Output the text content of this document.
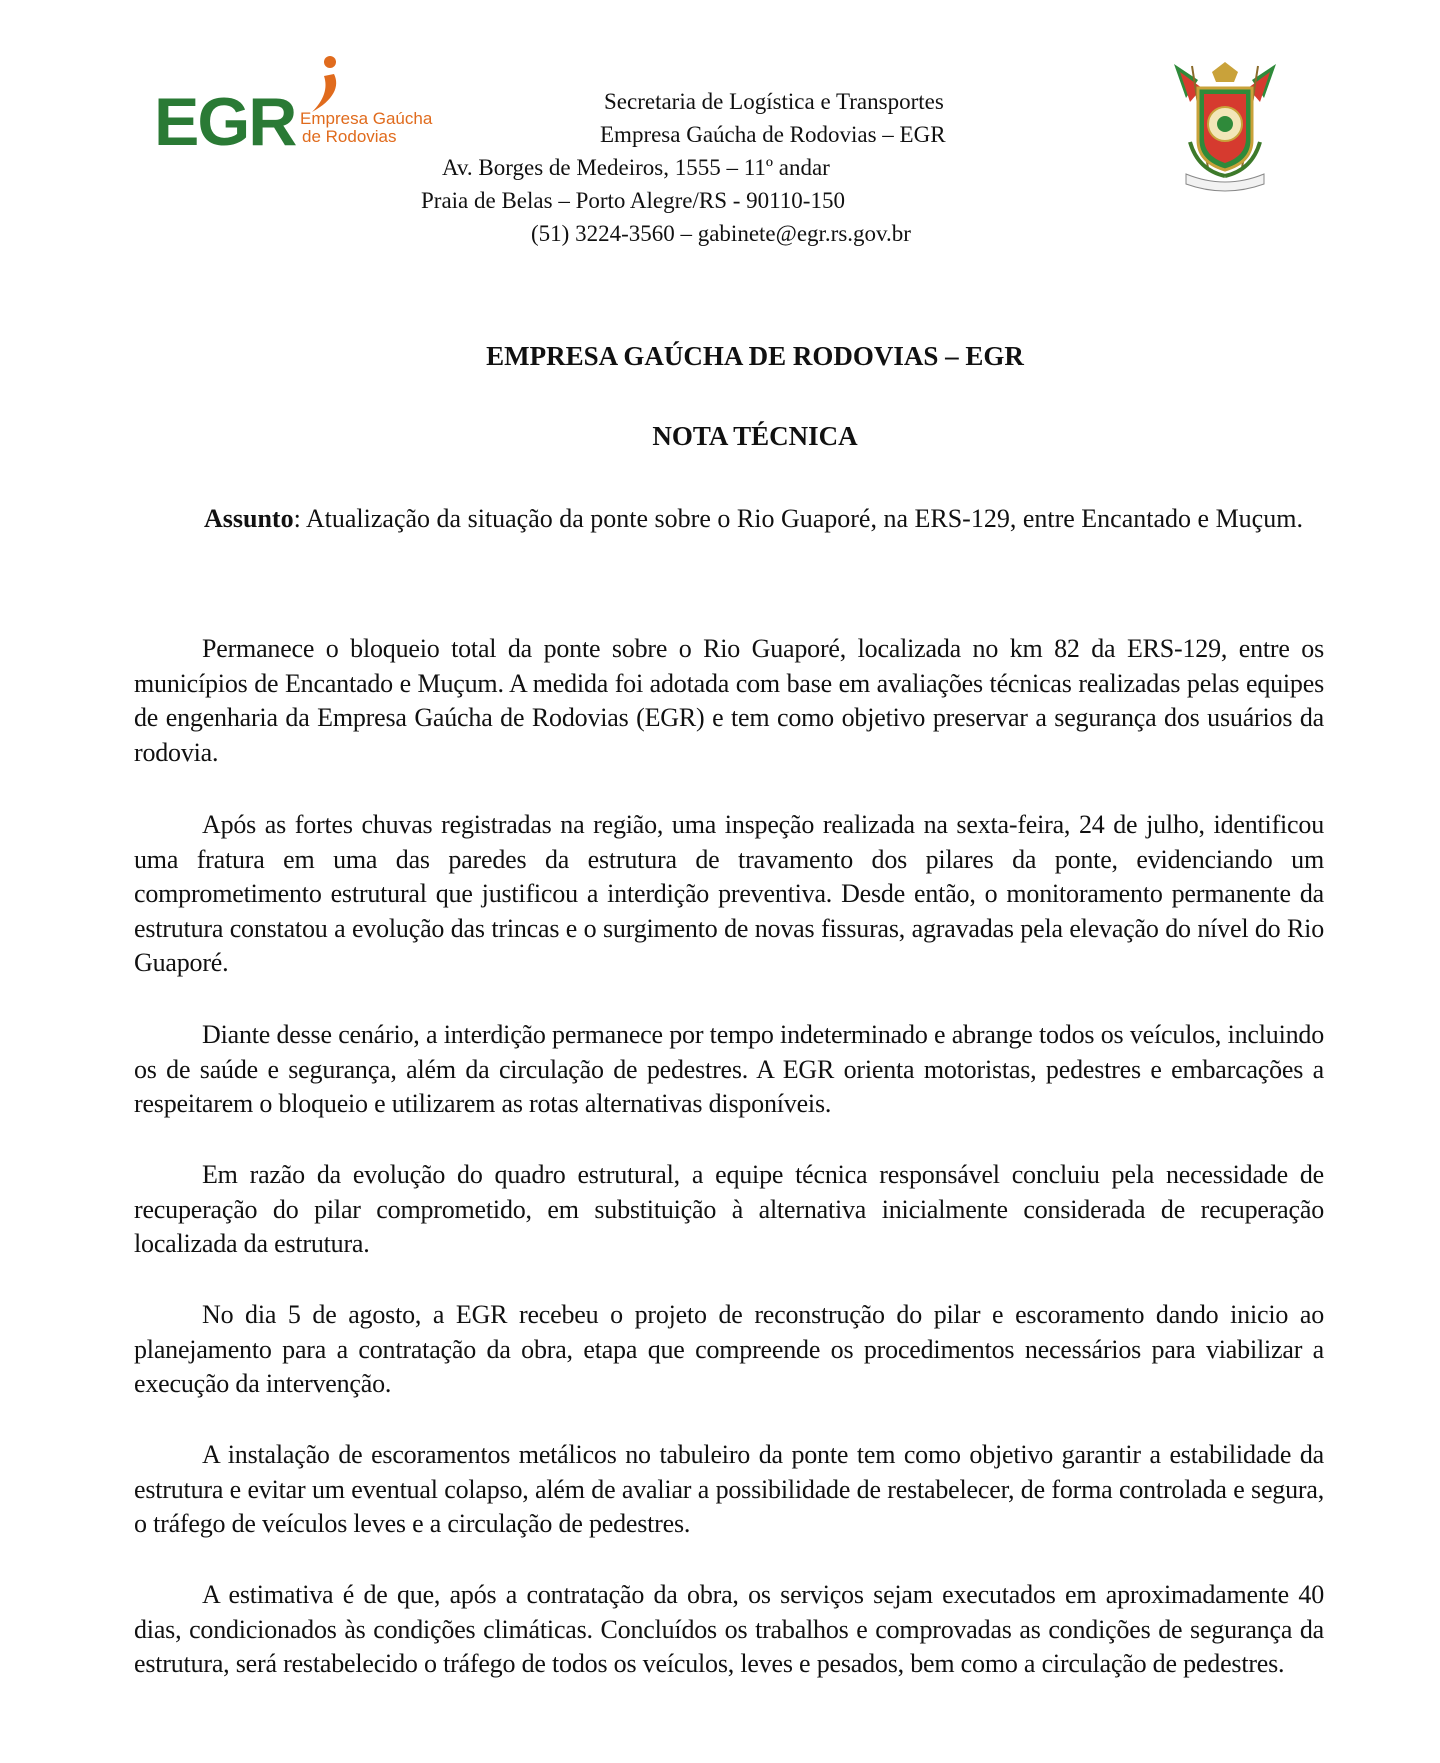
EGR Empresa Gaúcha
de Rodovias
Secretaria de Logística e Transportes
Empresa Gaúcha de Rodovias – EGR
Av. Borges de Medeiros, 1555 – 11º andar
Praia de Belas – Porto Alegre/RS - 90110-150
(51) 3224-3560 – gabinete@egr.rs.gov.br
EMPRESA GAÚCHA DE RODOVIAS – EGR
NOTA TÉCNICA
Assunto: Atualização da situação da ponte sobre o Rio Guaporé, na ERS-129, entre Encantado e Muçum.

Permanece o bloqueio total da ponte sobre o Rio Guaporé, localizada no km 82 da ERS-129, entre os municípios de Encantado e Muçum. A medida foi adotada com base em avaliações técnicas realizadas pelas equipes de engenharia da Empresa Gaúcha de Rodovias (EGR) e tem como objetivo preservar a segurança dos usuários da rodovia.

Após as fortes chuvas registradas na região, uma inspeção realizada na sexta-feira, 24 de julho, identificou uma fratura em uma das paredes da estrutura de travamento dos pilares da ponte, evidenciando um comprometimento estrutural que justificou a interdição preventiva. Desde então, o monitoramento permanente da estrutura constatou a evolução das trincas e o surgimento de novas fissuras, agravadas pela elevação do nível do Rio Guaporé.

Diante desse cenário, a interdição permanece por tempo indeterminado e abrange todos os veículos, incluindo os de saúde e segurança, além da circulação de pedestres. A EGR orienta motoristas, pedestres e embarcações a respeitarem o bloqueio e utilizarem as rotas alternativas disponíveis.

Em razão da evolução do quadro estrutural, a equipe técnica responsável concluiu pela necessidade de recuperação do pilar comprometido, em substituição à alternativa inicialmente considerada de recuperação localizada da estrutura.

No dia 5 de agosto, a EGR recebeu o projeto de reconstrução do pilar e escoramento dando inicio ao planejamento para a contratação da obra, etapa que compreende os procedimentos necessários para viabilizar a execução da intervenção.

A instalação de escoramentos metálicos no tabuleiro da ponte tem como objetivo garantir a estabilidade da estrutura e evitar um eventual colapso, além de avaliar a possibilidade de restabelecer, de forma controlada e segura, o tráfego de veículos leves e a circulação de pedestres.

A estimativa é de que, após a contratação da obra, os serviços sejam executados em aproximadamente 40 dias, condicionados às condições climáticas. Concluídos os trabalhos e comprovadas as condições de segurança da estrutura, será restabelecido o tráfego de todos os veículos, leves e pesados, bem como a circulação de pedestres.
